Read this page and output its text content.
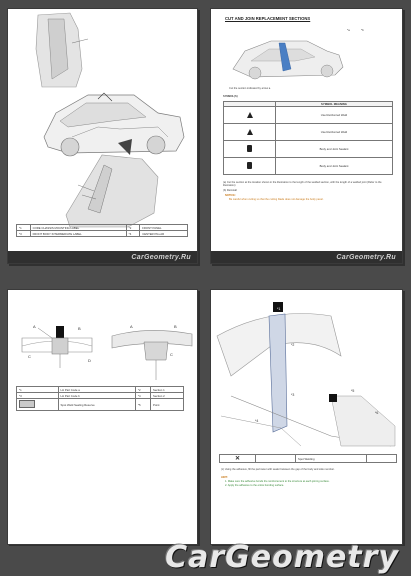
*1	CORE CHASSIS MOUNTING LABEL	*2	FRONT PANEL
*3	FRONT BODY INTERMEDIATE LABEL	*4	CENTER PILLAR
CarGeometry.Ru
CUT AND JOIN REPLACEMENT SECTIONS
*a	*b
Cut the section indicated by arrow a.
SYMBOL(S)
	SYMBOL MEANING
	Use Reinforced Weld
	Use Reinforced Weld
	Body and Joint Sealant
	Body and Joint Sealant
(a) Cut the section at the location shown in the illustration to the length of the welded section, with the length of a welded joint (Refer to the illustration)
(b) Reinstall
NOTICE:
Be careful when cutting so that the cutting blade does not damage the body panel.
CarGeometry.Ru
A	B
C
D
A	B
C
*1	LH Part Code a	*2	Section 1
*3	LH Part Code b	*4	Section 2
	Spot Weld Sealing Reserve	*5	Point
*1
*2
*3
*4
*5
*6
✕		Spot Welding	
(c) Using the adhesive, fill the perimeter with sealer between the gap of the body and side member.
HINT:
1. Make sure the adhesive bonds the reinforcement to the structure at each joining surface.
2. Apply the adhesive to the entire bonding surface.
CarGeometry
